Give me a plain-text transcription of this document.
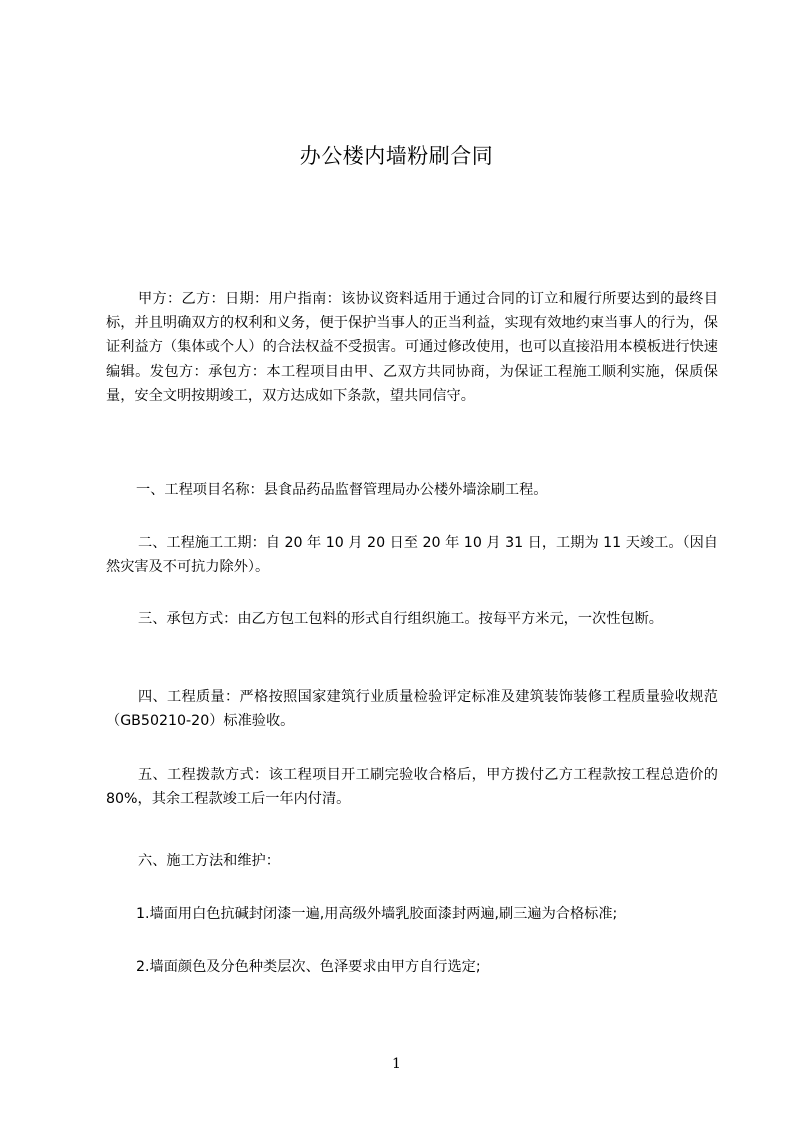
办公楼内墙粉刷合同

甲方：乙方：日期：用户指南：该协议资料适用于通过合同的订立和履行所要达到的最终目标，并且明确双方的权利和义务，便于保护当事人的正当利益，实现有效地约束当事人的行为，保证利益方（集体或个人）的合法权益不受损害。可通过修改使用，也可以直接沿用本模板进行快速编辑。发包方：承包方：本工程项目由甲、乙双方共同协商，为保证工程施工顺利实施，保质保量，安全文明按期竣工，双方达成如下条款，望共同信守。

一、工程项目名称：县食品药品监督管理局办公楼外墙涂刷工程。

二、工程施工工期：自 20 年 10 月 20 日至 20 年 10 月 31 日，工期为 11 天竣工。（因自然灾害及不可抗力除外）。

三、承包方式：由乙方包工包料的形式自行组织施工。按每平方米元，一次性包断。

四、工程质量：严格按照国家建筑行业质量检验评定标准及建筑装饰装修工程质量验收规范（GB50210-20）标准验收。

五、工程拨款方式：该工程项目开工刷完验收合格后，甲方拨付乙方工程款按工程总造价的 80%，其余工程款竣工后一年内付清。

六、施工方法和维护：

1.墙面用白色抗碱封闭漆一遍,用高级外墙乳胶面漆封两遍,刷三遍为合格标准;

2.墙面颜色及分色种类层次、色泽要求由甲方自行选定;

1
